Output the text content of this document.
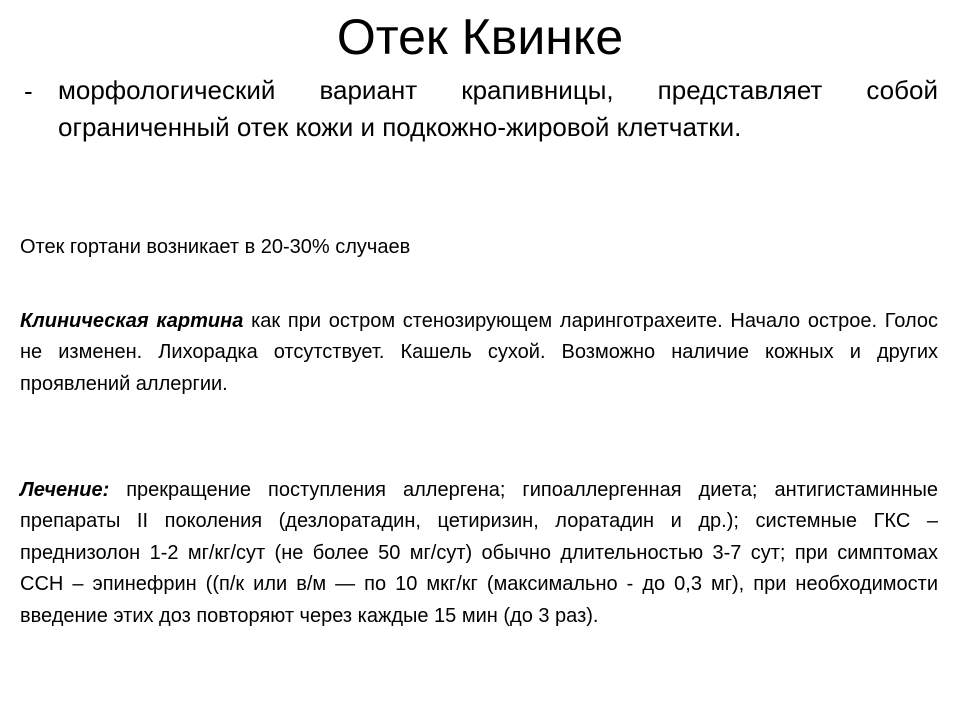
Отек Квинке
- морфологический вариант крапивницы, представляет собой ограниченный отек кожи и подкожно-жировой клетчатки.

Отек гортани возникает в 20-30% случаев

Клиническая картина как при остром стенозирующем ларинготрахеите. Начало острое. Голос не изменен. Лихорадка отсутствует. Кашель сухой. Возможно наличие кожных и других проявлений аллергии.

Лечение: прекращение поступления аллергена; гипоаллергенная диета; антигистаминные препараты II поколения (дезлоратадин, цетиризин, лоратадин и др.); системные ГКС – преднизолон 1-2 мг/кг/сут (не более 50 мг/сут) обычно длительностью 3-7 сут; при симптомах ССН – эпинефрин ((п/к или в/м — по 10 мкг/кг (максимально - до 0,3 мг), при необходимости введение этих доз повторяют через каждые 15 мин (до 3 раз).
